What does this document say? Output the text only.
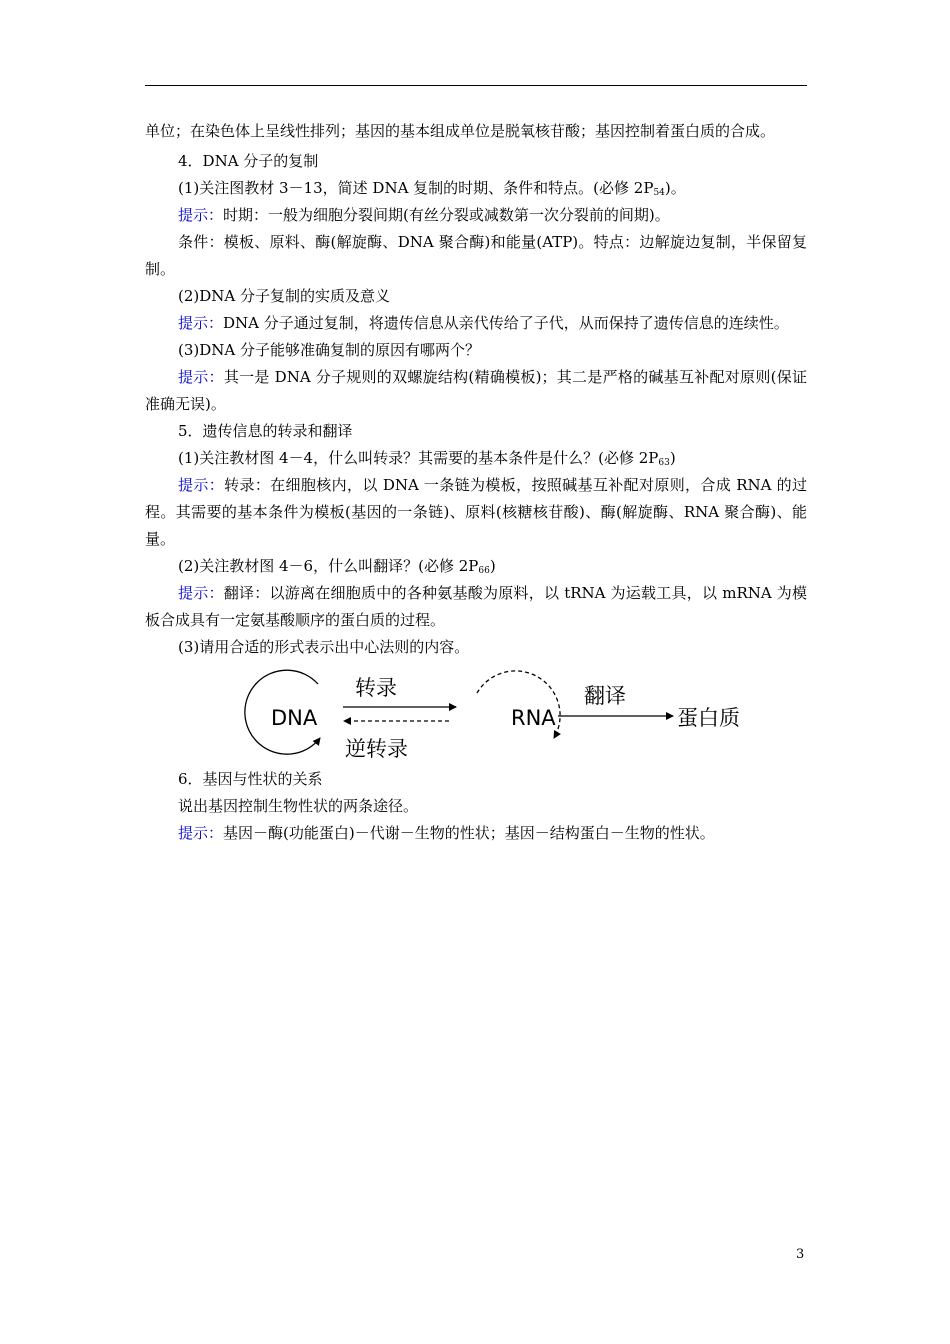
单位；在染色体上呈线性排列；基因的基本组成单位是脱氧核苷酸；基因控制着蛋白质的合成。

4．DNA 分子的复制

(1)关注图教材 3－13，简述 DNA 复制的时期、条件和特点。(必修 $2P_{54}$)。

提示：时期：一般为细胞分裂间期(有丝分裂或减数第一次分裂前的间期)。

条件：模板、原料、酶(解旋酶、DNA 聚合酶)和能量(ATP)。特点：边解旋边复制，半保留复制。

(2)DNA 分子复制的实质及意义

提示：DNA 分子通过复制，将遗传信息从亲代传给了子代，从而保持了遗传信息的连续性。

(3)DNA 分子能够准确复制的原因有哪两个？

提示：其一是 DNA 分子规则的双螺旋结构(精确模板)；其二是严格的碱基互补配对原则(保证准确无误)。

5．遗传信息的转录和翻译

(1)关注教材图 4－4，什么叫转录？其需要的基本条件是什么？(必修 $2P_{63}$)

提示：转录：在细胞核内，以 DNA 一条链为模板，按照碱基互补配对原则，合成 RNA 的过程。其需要的基本条件为模板(基因的一条链)、原料(核糖核苷酸)、酶(解旋酶、RNA 聚合酶)、能量。

(2)关注教材图 4－6，什么叫翻译？(必修 $2P_{66}$)

提示：翻译：以游离在细胞质中的各种氨基酸为原料，以 tRNA 为运载工具，以 mRNA 为模板合成具有一定氨基酸顺序的蛋白质的过程。

(3)请用合适的形式表示出中心法则的内容。

DNA
转录
逆转录
RNA
翻译
蛋白质

6．基因与性状的关系

说出基因控制生物性状的两条途径。

提示：基因－酶(功能蛋白)－代谢－生物的性状；基因－结构蛋白－生物的性状。

3
